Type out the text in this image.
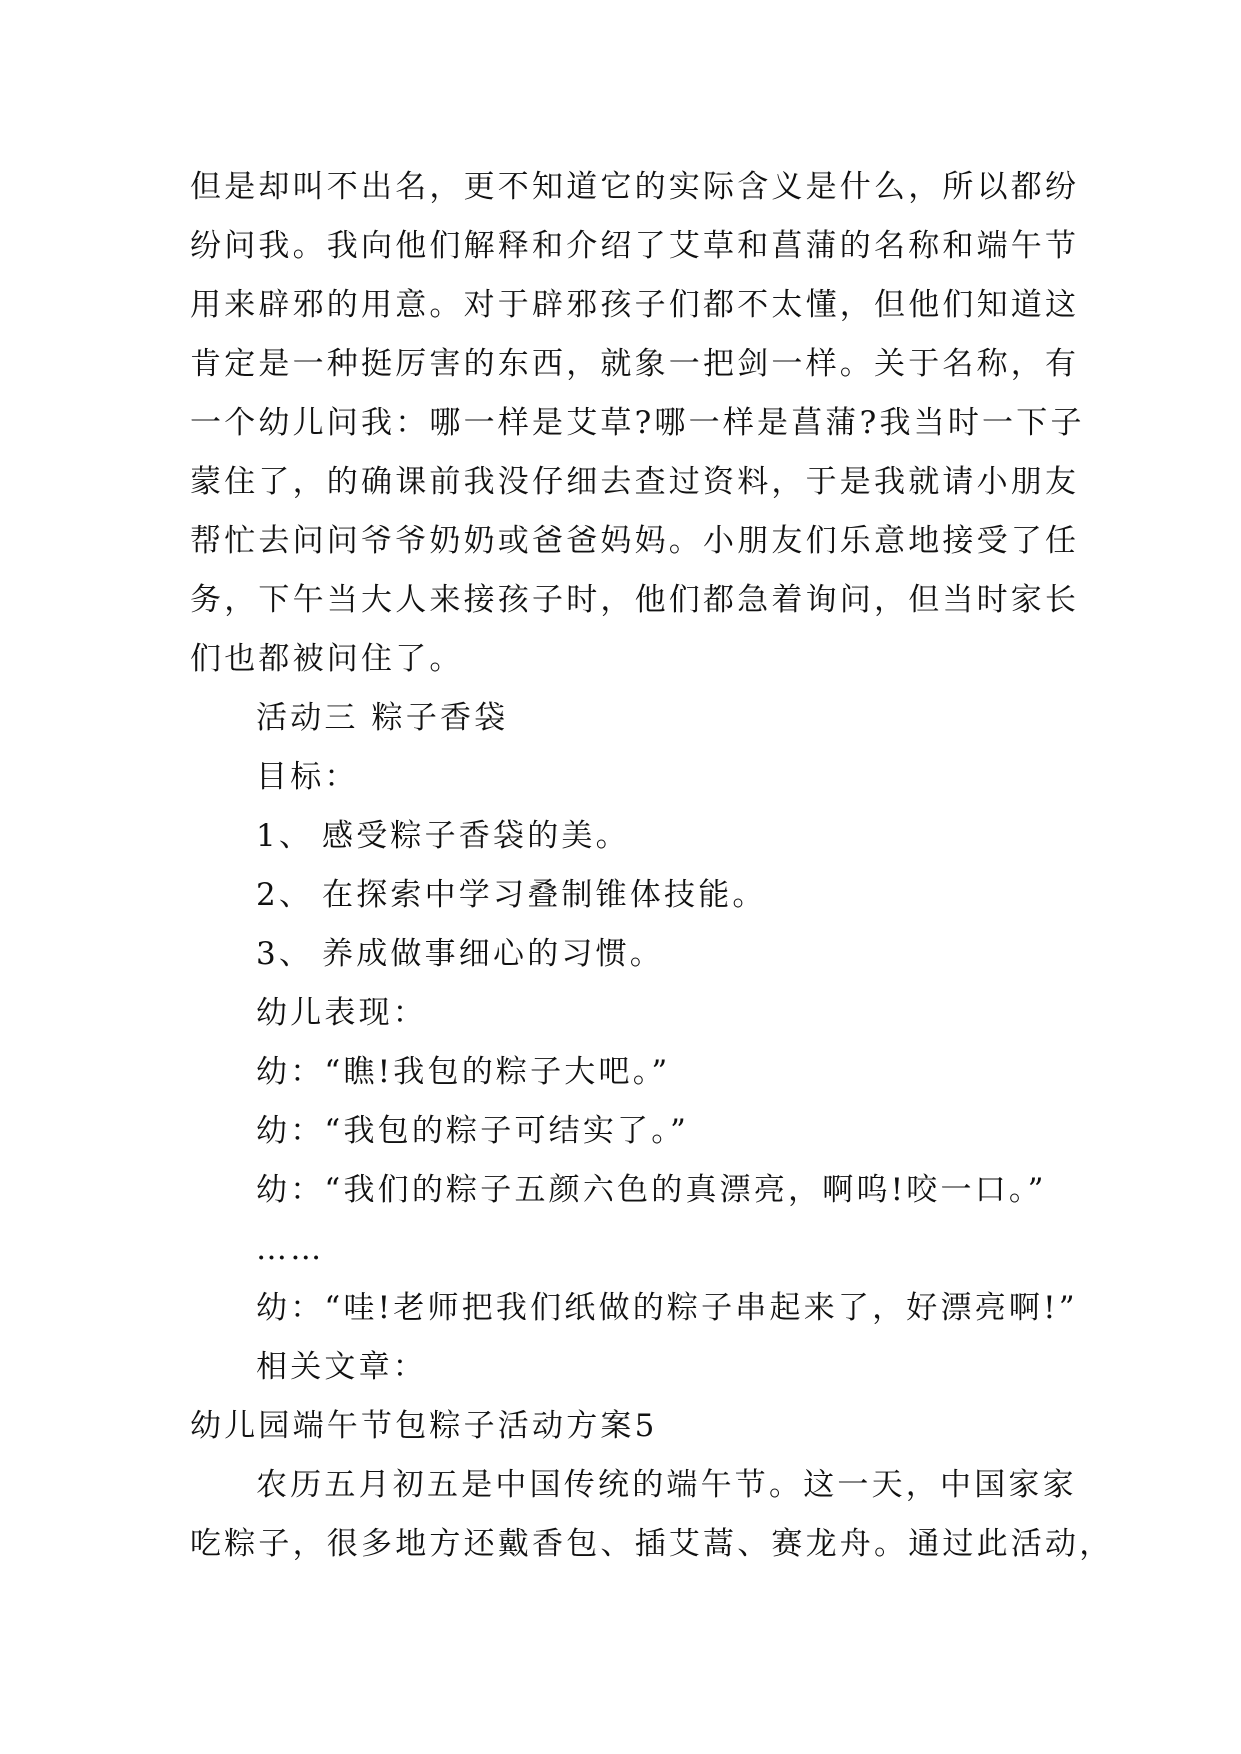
但是却叫不出名，更不知道它的实际含义是什么，所以都纷
纷问我。我向他们解释和介绍了艾草和菖蒲的名称和端午节
用来辟邪的用意。对于辟邪孩子们都不太懂，但他们知道这
肯定是一种挺厉害的东西，就象一把剑一样。关于名称，有
一个幼儿问我：哪一样是艾草?哪一样是菖蒲?我当时一下子
蒙住了，的确课前我没仔细去查过资料，于是我就请小朋友
帮忙去问问爷爷奶奶或爸爸妈妈。小朋友们乐意地接受了任
务，下午当大人来接孩子时，他们都急着询问，但当时家长
们也都被问住了。
活动三 粽子香袋
目标：
1、 感受粽子香袋的美。
2、 在探索中学习叠制锥体技能。
3、 养成做事细心的习惯。
幼儿表现：
幼：“瞧!我包的粽子大吧。”
幼：“我包的粽子可结实了。”
幼：“我们的粽子五颜六色的真漂亮，啊呜!咬一口。”
……
幼：“哇!老师把我们纸做的粽子串起来了，好漂亮啊!”
相关文章：
幼儿园端午节包粽子活动方案5
农历五月初五是中国传统的端午节。这一天，中国家家
吃粽子，很多地方还戴香包、插艾蒿、赛龙舟。通过此活动，
